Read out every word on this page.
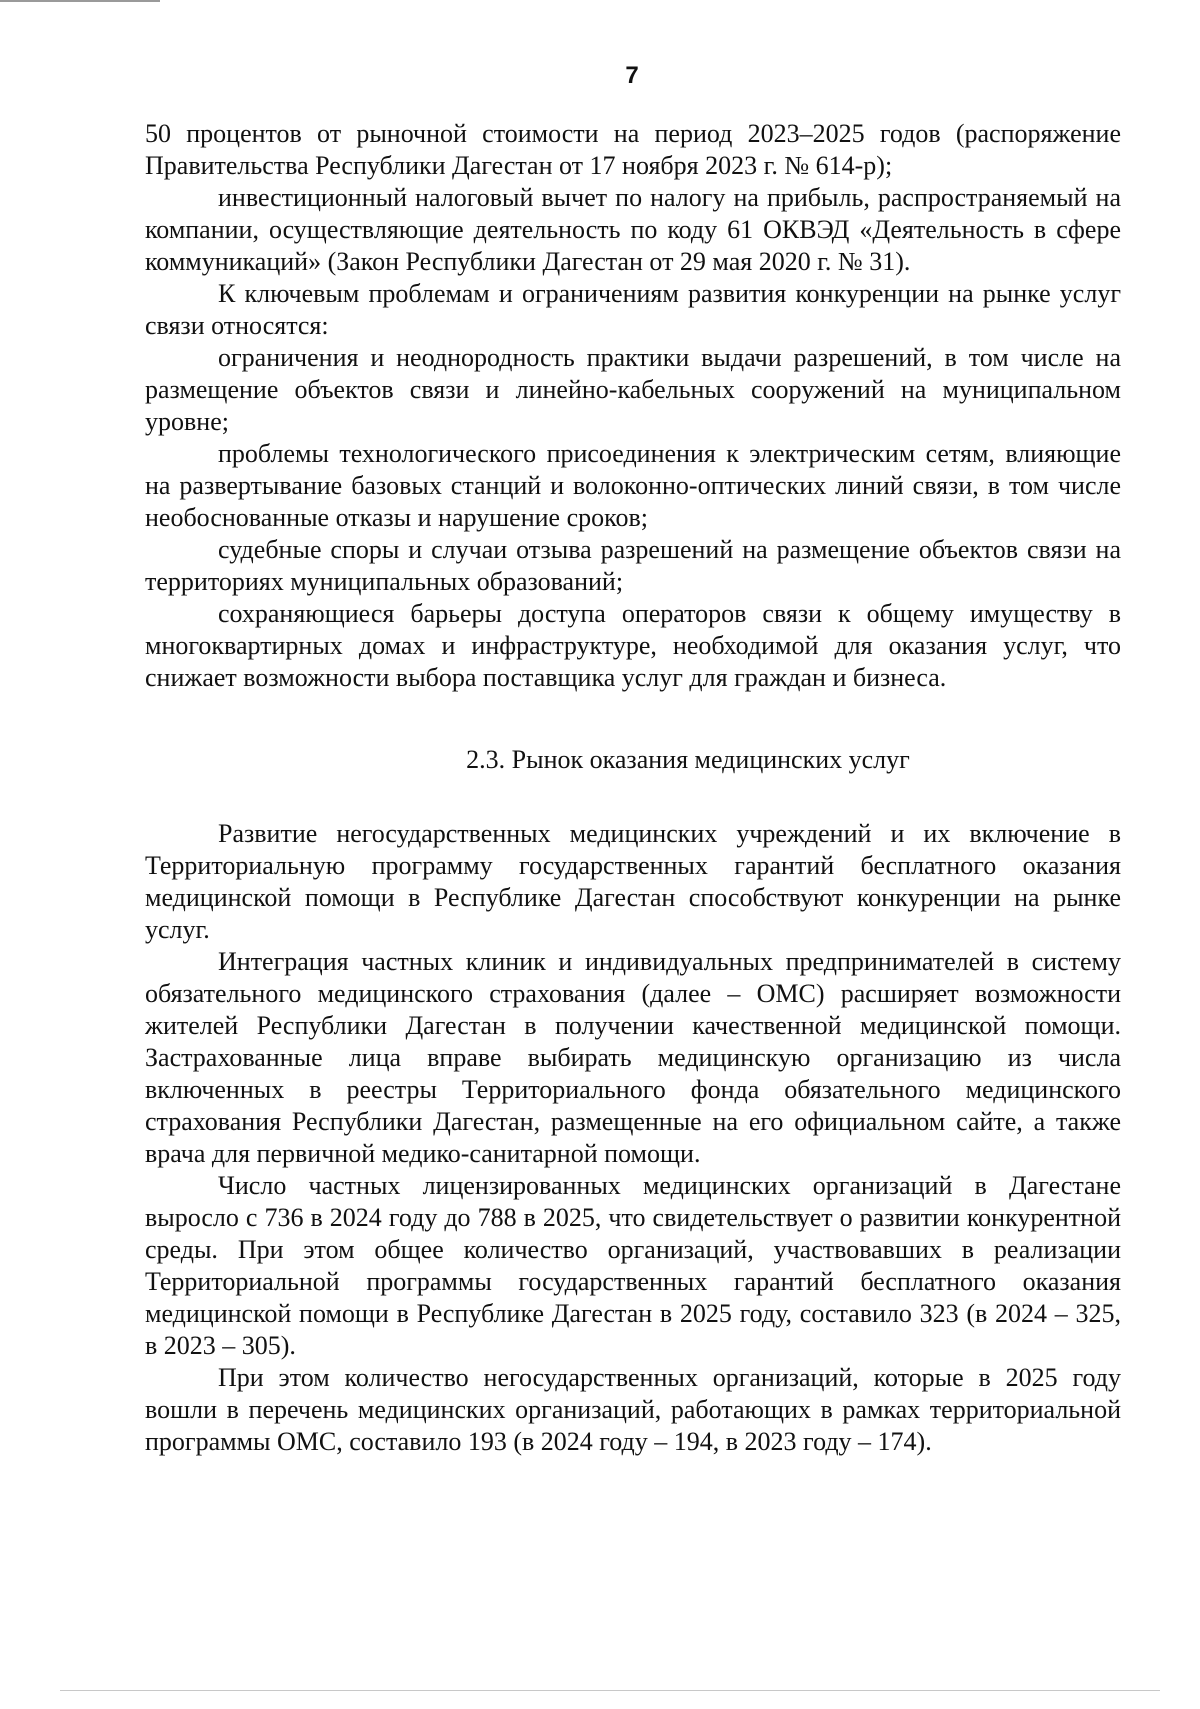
7

50 процентов от рыночной стоимости на период 2023–2025 годов (распоряжение Правительства Республики Дагестан от 17 ноября 2023 г. № 614-р);

инвестиционный налоговый вычет по налогу на прибыль, распространяемый на компании, осуществляющие деятельность по коду 61 ОКВЭД «Деятельность в сфере коммуникаций» (Закон Республики Дагестан от 29 мая 2020 г. № 31).

К ключевым проблемам и ограничениям развития конкуренции на рынке услуг связи относятся:

ограничения и неоднородность практики выдачи разрешений, в том числе на размещение объектов связи и линейно-кабельных сооружений на муниципальном уровне;

проблемы технологического присоединения к электрическим сетям, влияющие на развертывание базовых станций и волоконно-оптических линий связи, в том числе необоснованные отказы и нарушение сроков;

судебные споры и случаи отзыва разрешений на размещение объектов связи на территориях муниципальных образований;

сохраняющиеся барьеры доступа операторов связи к общему имуществу в многоквартирных домах и инфраструктуре, необходимой для оказания услуг, что снижает возможности выбора поставщика услуг для граждан и бизнеса.

2.3. Рынок оказания медицинских услуг

Развитие негосударственных медицинских учреждений и их включение в Территориальную программу государственных гарантий бесплатного оказания медицинской помощи в Республике Дагестан способствуют конкуренции на рынке услуг.

Интеграция частных клиник и индивидуальных предпринимателей в систему обязательного медицинского страхования (далее – ОМС) расширяет возможности жителей Республики Дагестан в получении качественной медицинской помощи. Застрахованные лица вправе выбирать медицинскую организацию из числа включенных в реестры Территориального фонда обязательного медицинского страхования Республики Дагестан, размещенные на его официальном сайте, а также врача для первичной медико-санитарной помощи.

Число частных лицензированных медицинских организаций в Дагестане выросло с 736 в 2024 году до 788 в 2025, что свидетельствует о развитии конкурентной среды. При этом общее количество организаций, участвовавших в реализации Территориальной программы государственных гарантий бесплатного оказания медицинской помощи в Республике Дагестан в 2025 году, составило 323 (в 2024 – 325, в 2023 – 305).

При этом количество негосударственных организаций, которые в 2025 году вошли в перечень медицинских организаций, работающих в рамках территориальной программы ОМС, составило 193 (в 2024 году – 194, в 2023 году – 174).
